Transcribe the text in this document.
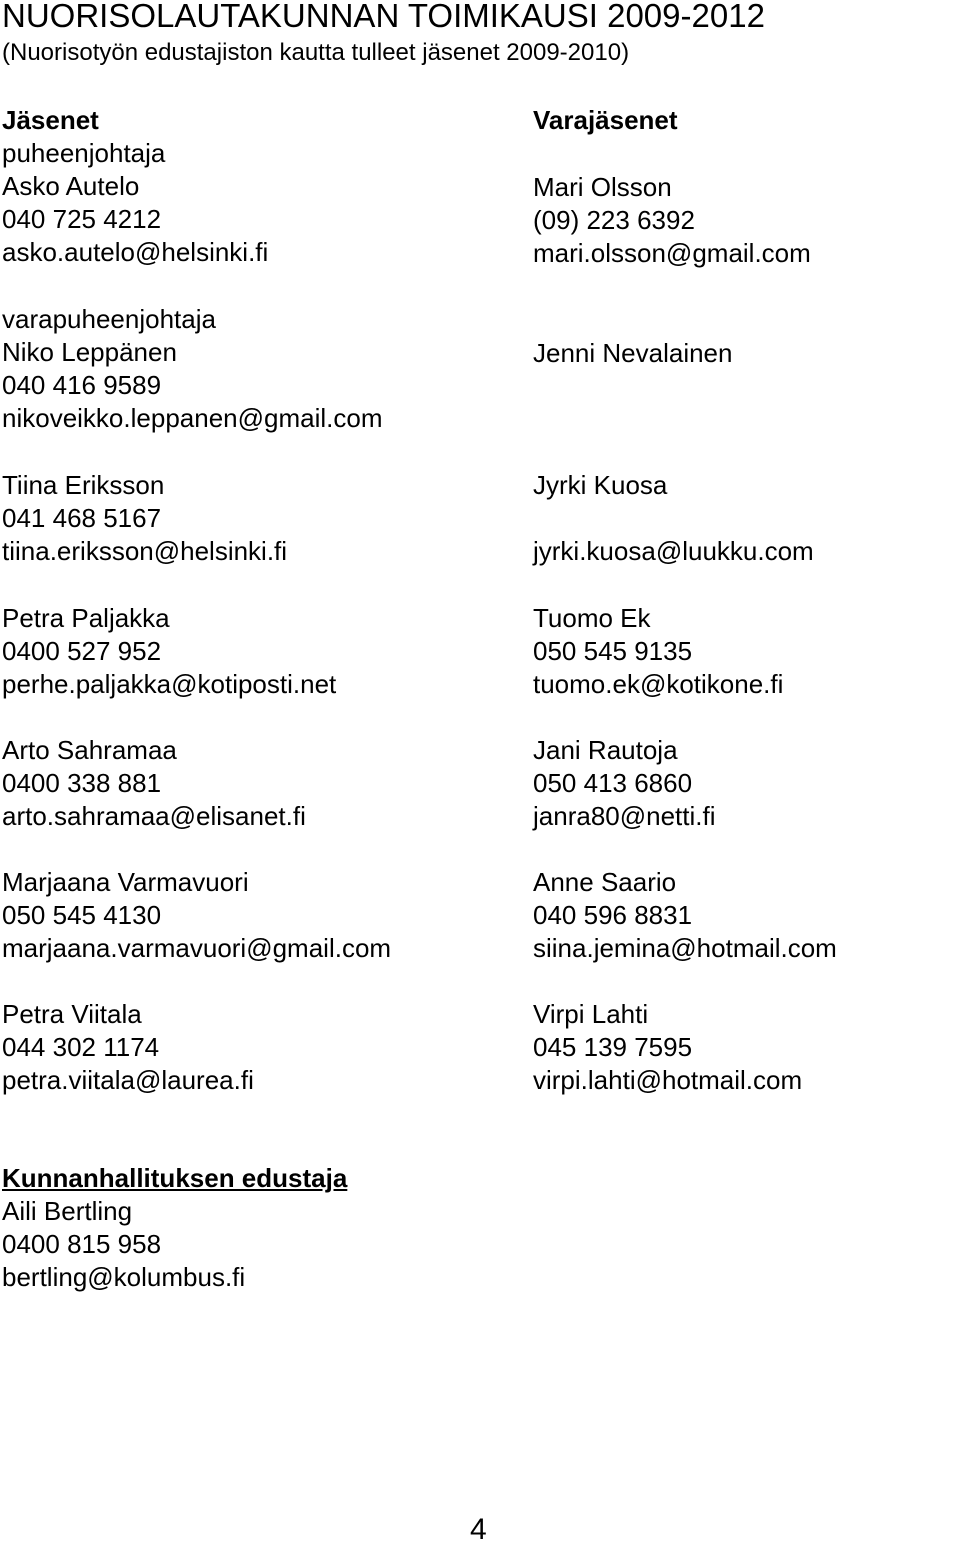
NUORISOLAUTAKUNNAN TOIMIKAUSI 2009-2012
(Nuorisotyön edustajiston kautta tulleet jäsenet 2009-2010)
Jäsenet	Varajäsenet
puheenjohtaja
Asko Autelo
040 725 4212
asko.autelo@helsinki.fi
varapuheenjohtaja
Niko Leppänen
040 416 9589
nikoveikko.leppanen@gmail.com
Tiina Eriksson
041 468 5167
tiina.eriksson@helsinki.fi
Petra Paljakka
0400 527 952
perhe.paljakka@kotiposti.net
Arto Sahramaa
0400 338 881
arto.sahramaa@elisanet.fi
Marjaana Varmavuori
050 545 4130
marjaana.varmavuori@gmail.com
Petra Viitala
044 302 1174
petra.viitala@laurea.fi
Mari Olsson
(09) 223 6392
mari.olsson@gmail.com
Jenni Nevalainen
Jyrki Kuosa
jyrki.kuosa@luukku.com
Tuomo Ek
050 545 9135
tuomo.ek@kotikone.fi
Jani Rautoja
050 413 6860
janra80@netti.fi
Anne Saario
040 596 8831
siina.jemina@hotmail.com
Virpi Lahti
045 139 7595
virpi.lahti@hotmail.com
Kunnanhallituksen edustaja
Aili Bertling
0400 815 958
bertling@kolumbus.fi
4
